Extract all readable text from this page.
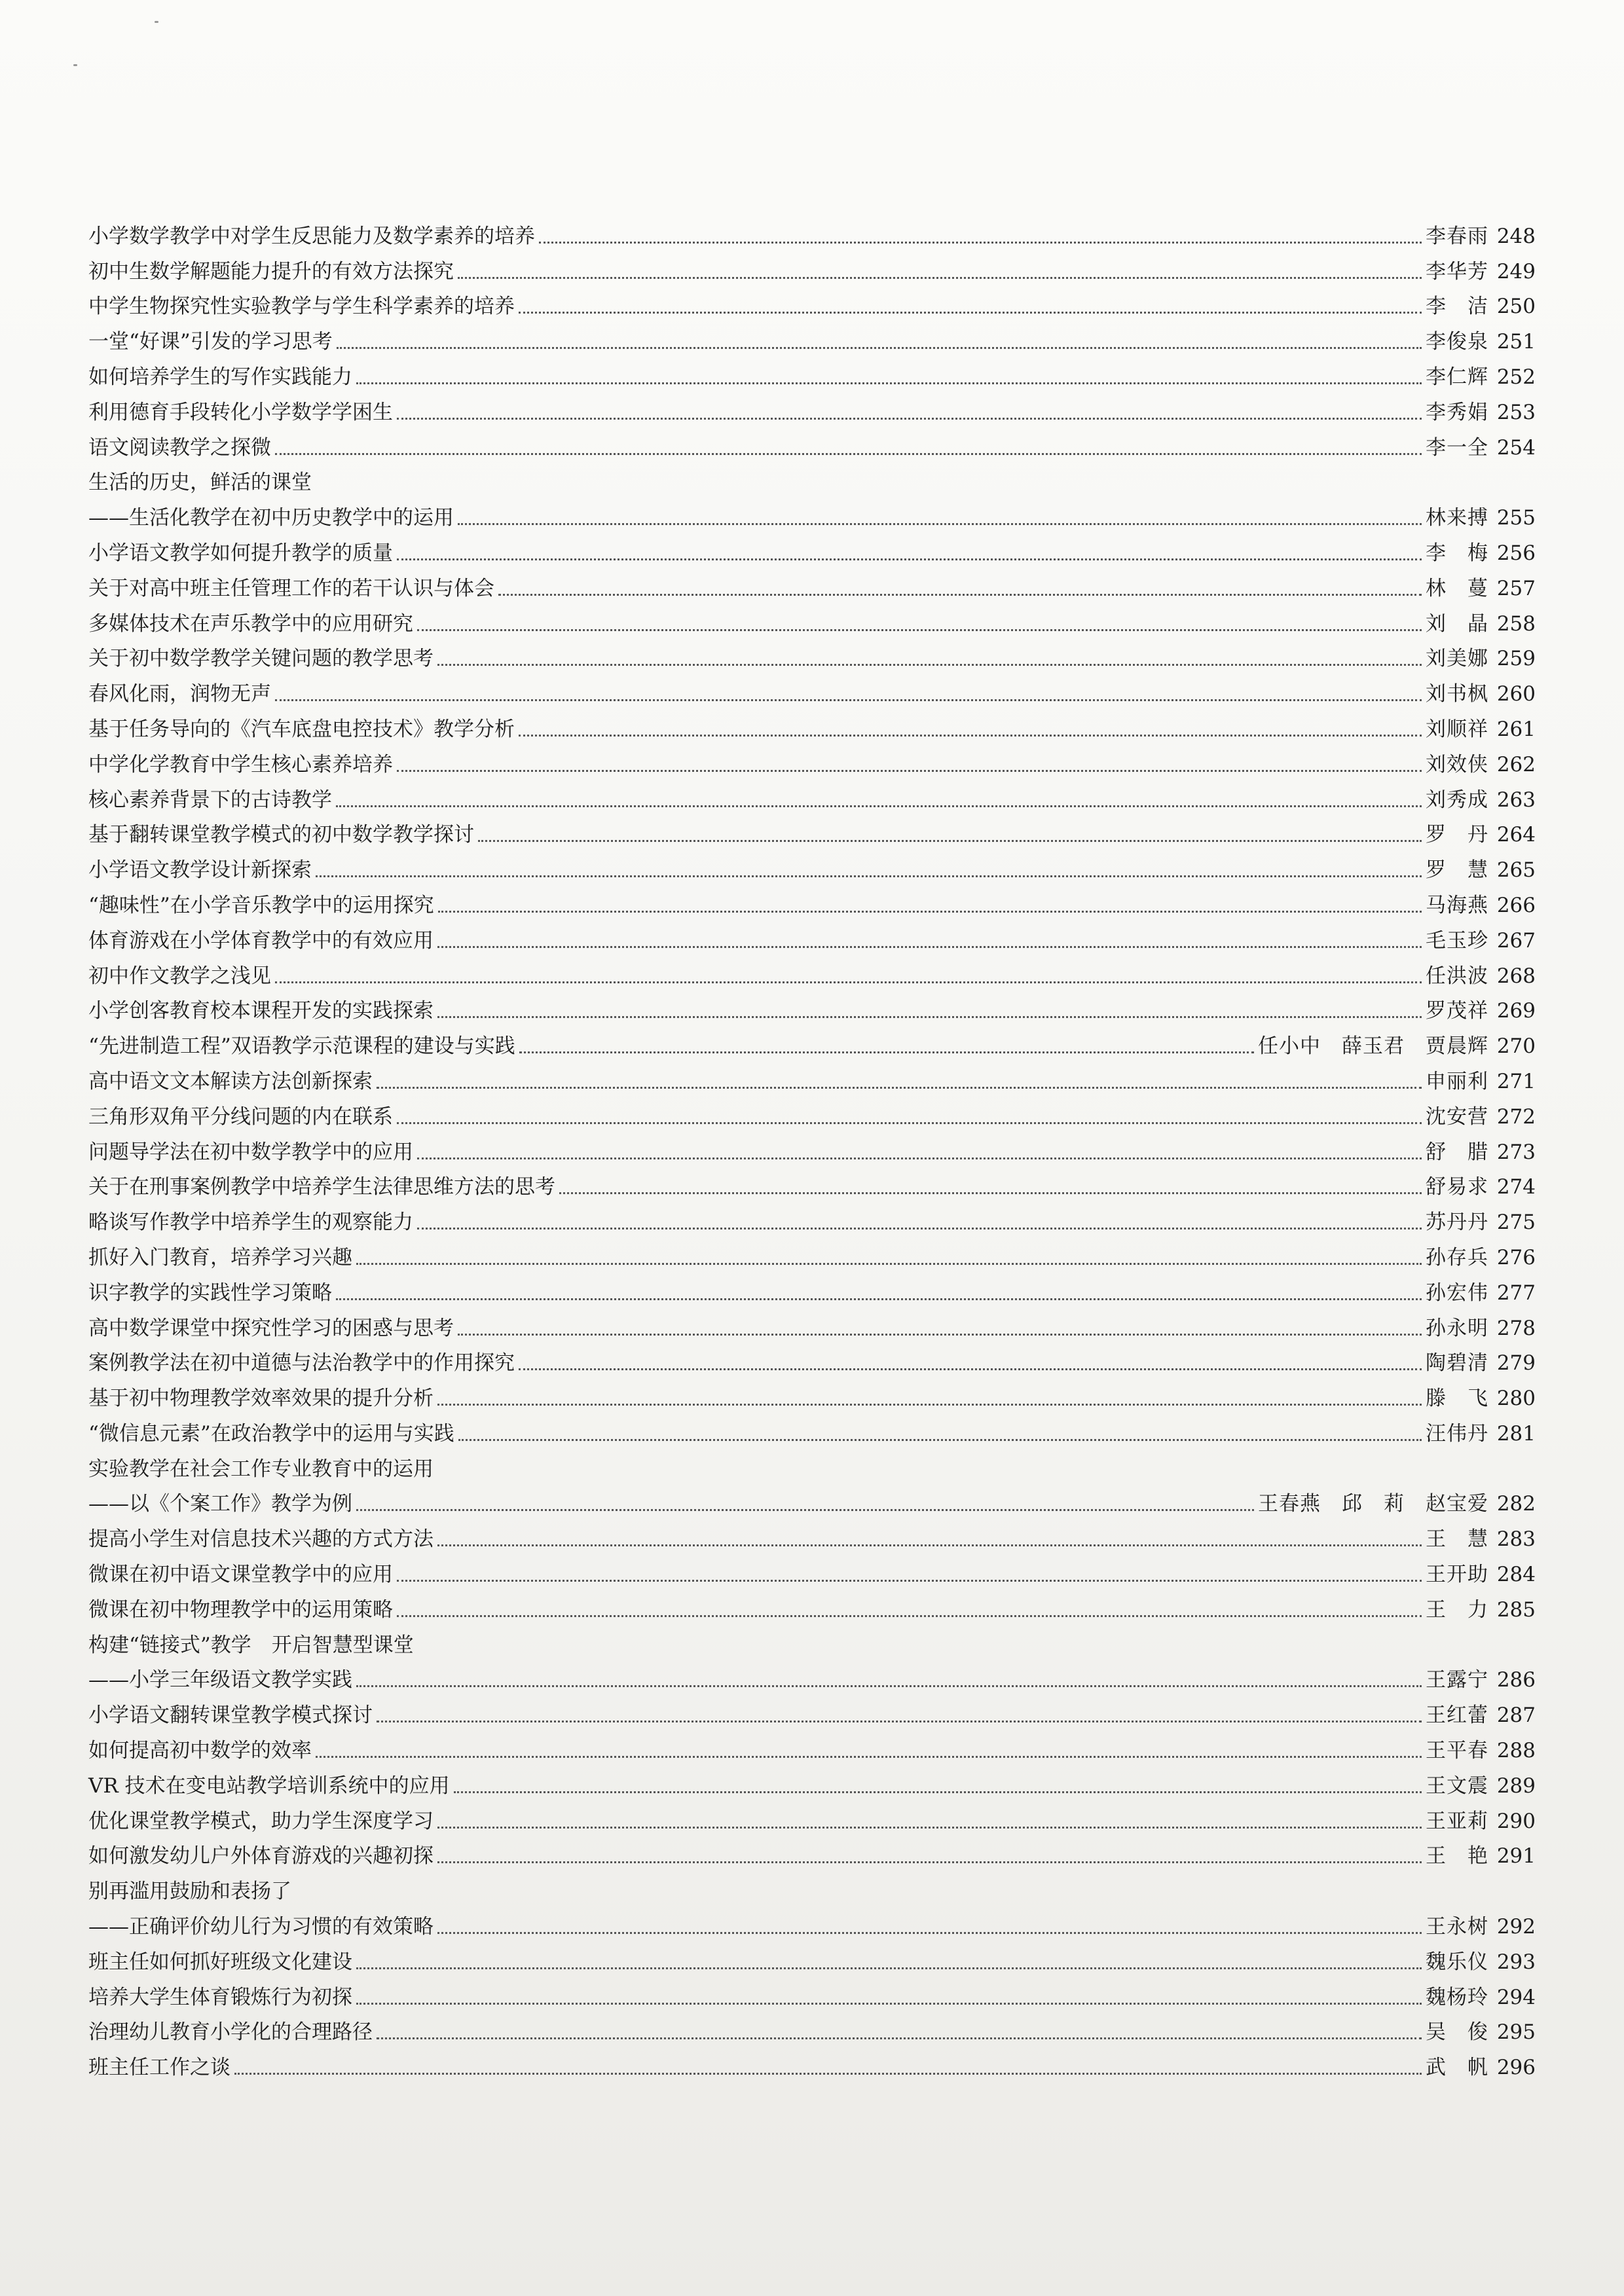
小学数学教学中对学生反思能力及数学素养的培养	李春雨 248
初中生数学解题能力提升的有效方法探究	李华芳 249
中学生物探究性实验教学与学生科学素养的培养	李　洁 250
一堂“好课”引发的学习思考	李俊泉 251
如何培养学生的写作实践能力	李仁辉 252
利用德育手段转化小学数学学困生	李秀娟 253
语文阅读教学之探微	李一全 254
生活的历史，鲜活的课堂
——生活化教学在初中历史教学中的运用	林来搏 255
小学语文教学如何提升教学的质量	李　梅 256
关于对高中班主任管理工作的若干认识与体会	林　蔓 257
多媒体技术在声乐教学中的应用研究	刘　晶 258
关于初中数学教学关键问题的教学思考	刘美娜 259
春风化雨，润物无声	刘书枫 260
基于任务导向的《汽车底盘电控技术》教学分析	刘顺祥 261
中学化学教育中学生核心素养培养	刘效侠 262
核心素养背景下的古诗教学	刘秀成 263
基于翻转课堂教学模式的初中数学教学探讨	罗　丹 264
小学语文教学设计新探索	罗　慧 265
“趣味性”在小学音乐教学中的运用探究	马海燕 266
体育游戏在小学体育教学中的有效应用	毛玉珍 267
初中作文教学之浅见	任洪波 268
小学创客教育校本课程开发的实践探索	罗茂祥 269
“先进制造工程”双语教学示范课程的建设与实践	任小中　薛玉君　贾晨辉 270
高中语文文本解读方法创新探索	申丽利 271
三角形双角平分线问题的内在联系	沈安营 272
问题导学法在初中数学教学中的应用	舒　腊 273
关于在刑事案例教学中培养学生法律思维方法的思考	舒易求 274
略谈写作教学中培养学生的观察能力	苏丹丹 275
抓好入门教育，培养学习兴趣	孙存兵 276
识字教学的实践性学习策略	孙宏伟 277
高中数学课堂中探究性学习的困惑与思考	孙永明 278
案例教学法在初中道德与法治教学中的作用探究	陶碧清 279
基于初中物理教学效率效果的提升分析	滕　飞 280
“微信息元素”在政治教学中的运用与实践	汪伟丹 281
实验教学在社会工作专业教育中的运用
——以《个案工作》教学为例	王春燕　邱　莉　赵宝爱 282
提高小学生对信息技术兴趣的方式方法	王　慧 283
微课在初中语文课堂教学中的应用	王开助 284
微课在初中物理教学中的运用策略	王　力 285
构建“链接式”教学　开启智慧型课堂
——小学三年级语文教学实践	王露宁 286
小学语文翻转课堂教学模式探讨	王红蕾 287
如何提高初中数学的效率	王平春 288
VR 技术在变电站教学培训系统中的应用	王文震 289
优化课堂教学模式，助力学生深度学习	王亚莉 290
如何激发幼儿户外体育游戏的兴趣初探	王　艳 291
别再滥用鼓励和表扬了
——正确评价幼儿行为习惯的有效策略	王永树 292
班主任如何抓好班级文化建设	魏乐仪 293
培养大学生体育锻炼行为初探	魏杨玲 294
治理幼儿教育小学化的合理路径	吴　俊 295
班主任工作之谈	武　帆 296
